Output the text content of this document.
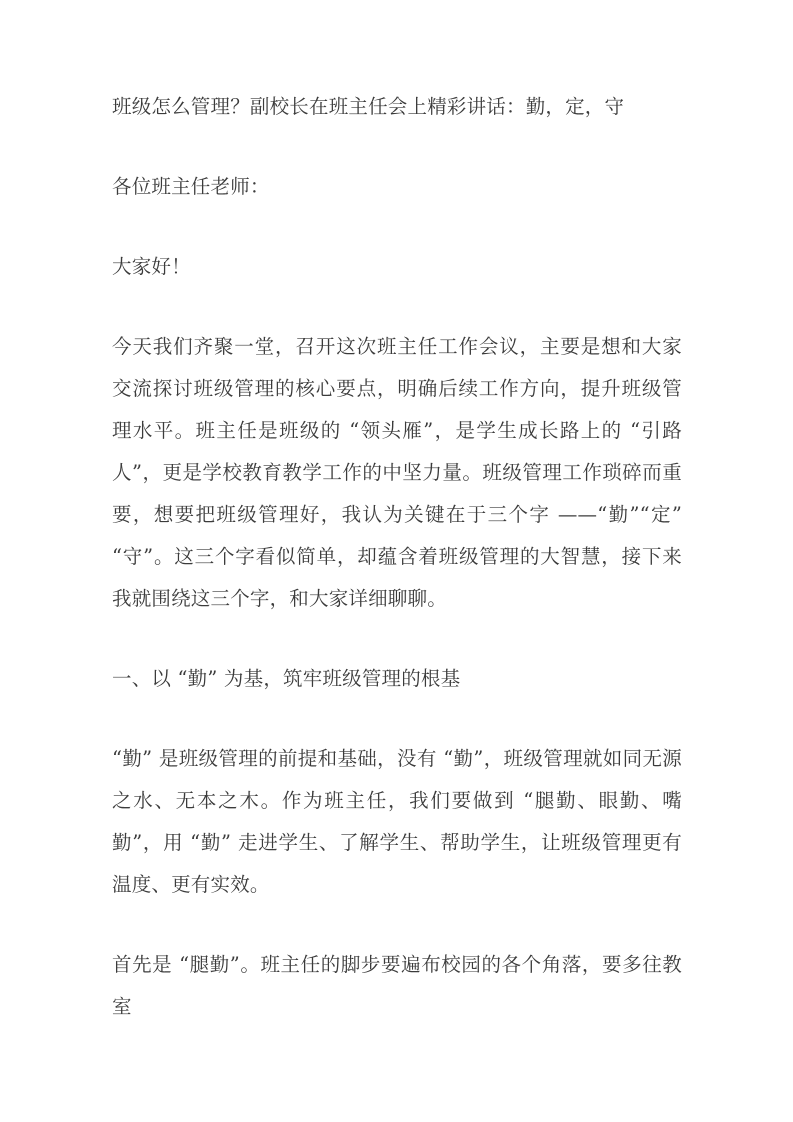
班级怎么管理？副校长在班主任会上精彩讲话：勤，定，守

各位班主任老师：

大家好！

今天我们齐聚一堂，召开这次班主任工作会议，主要是想和大家交流探讨班级管理的核心要点，明确后续工作方向，提升班级管理水平。班主任是班级的 “领头雁”，是学生成长路上的 “引路人”，更是学校教育教学工作的中坚力量。班级管理工作琐碎而重要，想要把班级管理好，我认为关键在于三个字 ——“勤”“定”“守”。这三个字看似简单，却蕴含着班级管理的大智慧，接下来我就围绕这三个字，和大家详细聊聊。

一、以 “勤” 为基，筑牢班级管理的根基

“勤” 是班级管理的前提和基础，没有 “勤”，班级管理就如同无源之水、无本之木。作为班主任，我们要做到 “腿勤、眼勤、嘴勤”，用 “勤” 走进学生、了解学生、帮助学生，让班级管理更有温度、更有实效。

首先是 “腿勤”。班主任的脚步要遍布校园的各个角落，要多往教室
